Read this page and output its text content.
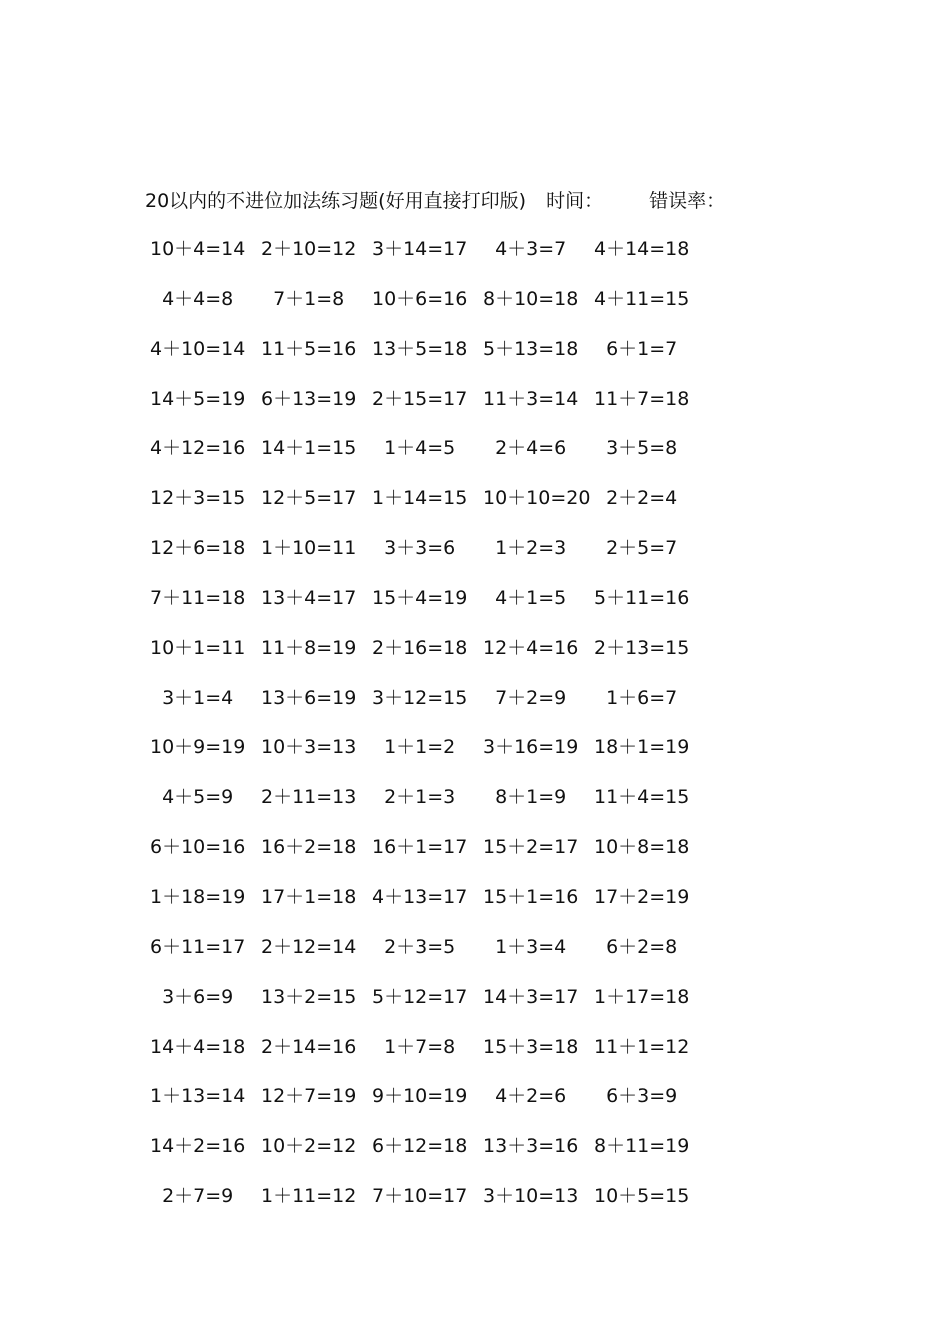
20以内的不进位加法练习题(好用直接打印版) 时间： 错误率：
10＋4=14 2＋10=12 3＋14=17 4＋3=7	4＋14=18
4＋4=8	7＋1=8	10＋6=16 8＋10=18 4＋11=15
4＋10=14 11＋5=16 13＋5=18 5＋13=18 6＋1=7
14＋5=19 6＋13=19 2＋15=17 11＋3=14 11＋7=18
4＋12=16 14＋1=15 1＋4=5	2＋4=6	3＋5=8
12＋3=15 12＋5=17 1＋14=15 10＋10=20 2＋2=4
12＋6=18 1＋10=11 3＋3=6	1＋2=3	2＋5=7
7＋11=18 13＋4=17 15＋4=19 4＋1=5	5＋11=16
10＋1=11 11＋8=19 2＋16=18 12＋4=16 2＋13=15
3＋1=4	13＋6=19 3＋12=15 7＋2=9	1＋6=7
10＋9=19 10＋3=13 1＋1=2	3＋16=19 18＋1=19
4＋5=9	2＋11=13 2＋1=3	8＋1=9	11＋4=15
6＋10=16 16＋2=18 16＋1=17 15＋2=17 10＋8=18
1＋18=19 17＋1=18 4＋13=17 15＋1=16 17＋2=19
6＋11=17 2＋12=14 2＋3=5	1＋3=4	6＋2=8
3＋6=9	13＋2=15 5＋12=17 14＋3=17 1＋17=18
14＋4=18 2＋14=16 1＋7=8	15＋3=18 11＋1=12
1＋13=14 12＋7=19 9＋10=19 4＋2=6	6＋3=9
14＋2=16 10＋2=12 6＋12=18 13＋3=16 8＋11=19
2＋7=9	1＋11=12 7＋10=17 3＋10=13 10＋5=15
